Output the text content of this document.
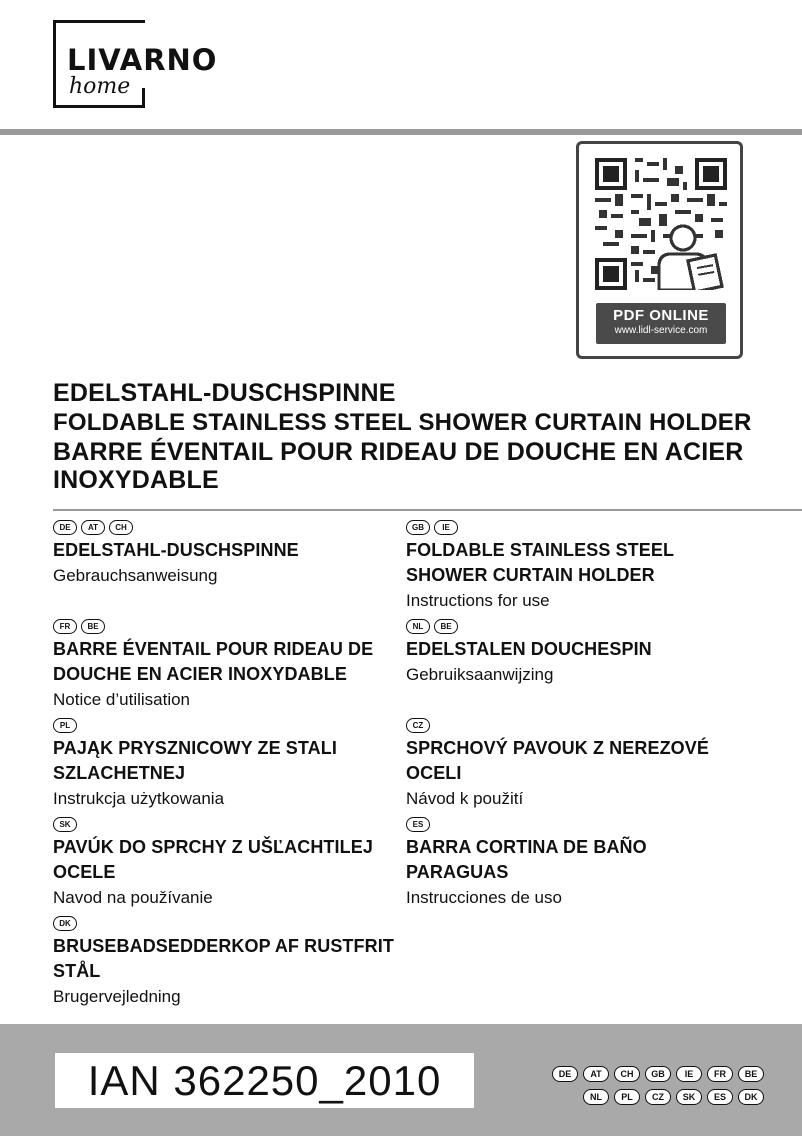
LIVARNO
home
PDF ONLINE
www.lidl-service.com

EDELSTAHL-DUSCHSPINNE

FOLDABLE STAINLESS STEEL SHOWER CURTAIN HOLDER

BARRE ÉVENTAIL POUR RIDEAU DE DOUCHE EN ACIER INOXYDABLE

DE	AT	CH
EDELSTAHL-DUSCHSPINNE
Gebrauchsanweisung
FR	BE
BARRE ÉVENTAIL POUR RIDEAU DE DOUCHE EN ACIER INOXYDABLE
Notice d’utilisation
PL
PAJĄK PRYSZNICOWY ZE STALI SZLACHETNEJ
Instrukcja użytkowania
SK
PAVÚK DO SPRCHY Z UŠĽACHTILEJ OCELE
Navod na používanie
DK
BRUSEBADSEDDERKOP AF RUSTFRIT STÅL
Brugervejledning
GB	IE
FOLDABLE STAINLESS STEEL SHOWER CURTAIN HOLDER
Instructions for use
NL	BE
EDELSTALEN DOUCHESPIN
Gebruiksaanwijzing
CZ
SPRCHOVÝ PAVOUK Z NEREZOVÉ OCELI
Návod k použití
ES
BARRA CORTINA DE BAÑO PARAGUAS
Instrucciones de uso
IAN 362250_2010	DE	AT	CH	GB	IE	FR	BE
NL	PL	CZ	SK	ES	DK
